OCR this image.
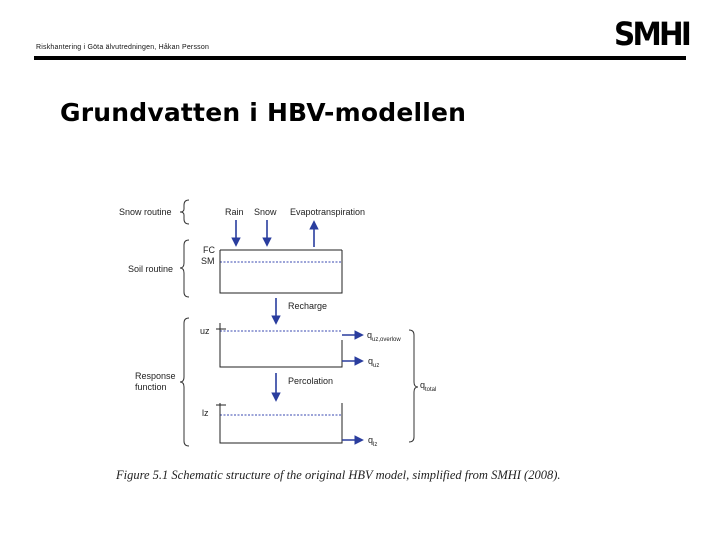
Riskhantering i Göta älvutredningen, Håkan Persson	SMHI
Grundvatten i HBV-modellen
Snow routine
Soil routine
Response
function
Rain Snow Evapotranspiration
FC
SM
Recharge
uz	$q_{uz,overlow}$
$q_{uz}$
Percolation
lz
$q_{lz}$
$q_{total}$
Figure 5.1 Schematic structure of the original HBV model, simplified from SMHI (2008).
